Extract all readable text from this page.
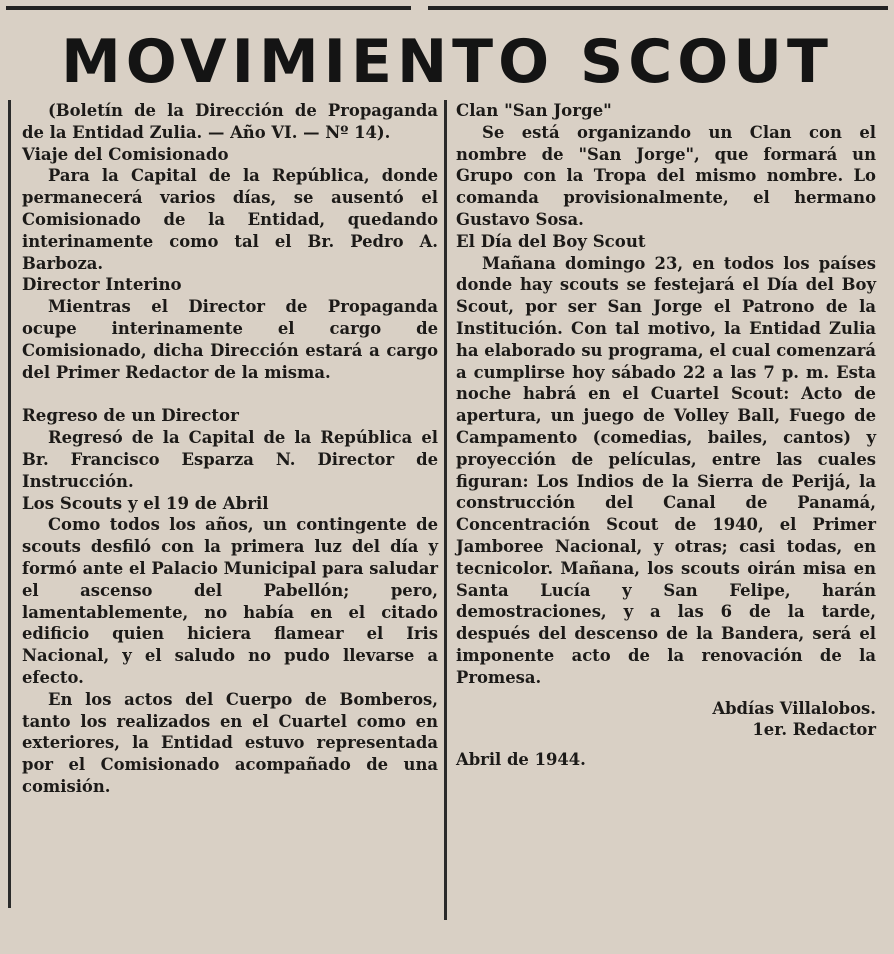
MOVIMIENTO SCOUT

(Boletín de la Dirección de Propaganda de la Entidad Zulia. — Año VI. — Nº 14).

Viaje del Comisionado

Para la Capital de la República, donde permanecerá varios días, se ausentó el Comisionado de la Entidad, quedando interinamente como tal el Br. Pedro A. Barboza.

Director Interino

Mientras el Director de Propaganda ocupe interinamente el cargo de Comisionado, dicha Dirección estará a cargo del Primer Redactor de la misma.

Regreso de un Director

Regresó de la Capital de la República el Br. Francisco Esparza N. Director de Instrucción.

Los Scouts y el 19 de Abril

Como todos los años, un contingente de scouts desfiló con la primera luz del día y formó ante el Palacio Municipal para saludar el ascenso del Pabellón; pero, lamentablemente, no había en el citado edificio quien hiciera flamear el Iris Nacional, y el saludo no pudo llevarse a efecto.

En los actos del Cuerpo de Bomberos, tanto los realizados en el Cuartel como en exteriores, la Entidad estuvo representada por el Comisionado acompañado de una comisión.

Clan "San Jorge"

Se está organizando un Clan con el nombre de "San Jorge", que formará un Grupo con la Tropa del mismo nombre. Lo comanda provisionalmente, el hermano Gustavo Sosa.

El Día del Boy Scout

Mañana domingo 23, en todos los países donde hay scouts se festejará el Día del Boy Scout, por ser San Jorge el Patrono de la Institución. Con tal motivo, la Entidad Zulia ha elaborado su programa, el cual comenzará a cumplirse hoy sábado 22 a las 7 p. m. Esta noche habrá en el Cuartel Scout: Acto de apertura, un juego de Volley Ball, Fuego de Campamento (comedias, bailes, cantos) y proyección de películas, entre las cuales figuran: Los Indios de la Sierra de Perijá, la construcción del Canal de Panamá, Concentración Scout de 1940, el Primer Jamboree Nacional, y otras; casi todas, en tecnicolor. Mañana, los scouts oirán misa en Santa Lucía y San Felipe, harán demostraciones, y a las 6 de la tarde, después del descenso de la Bandera, será el imponente acto de la renovación de la Promesa.

Abdías Villalobos.

1er. Redactor

Abril de 1944.
